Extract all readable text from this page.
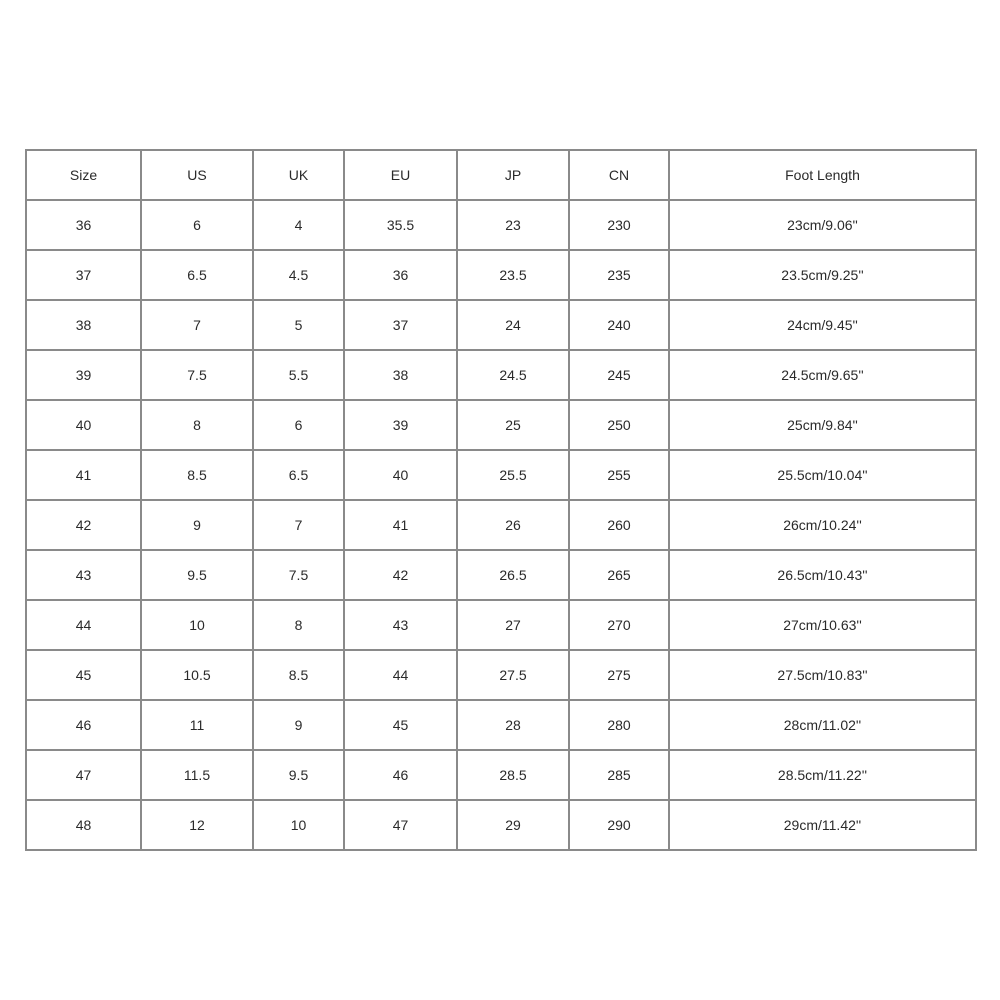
Size	US	UK	EU	JP	CN	Foot Length
36	6	4	35.5	23	230	23cm/9.06''
37	6.5	4.5	36	23.5	235	23.5cm/9.25''
38	7	5	37	24	240	24cm/9.45''
39	7.5	5.5	38	24.5	245	24.5cm/9.65''
40	8	6	39	25	250	25cm/9.84''
41	8.5	6.5	40	25.5	255	25.5cm/10.04''
42	9	7	41	26	260	26cm/10.24''
43	9.5	7.5	42	26.5	265	26.5cm/10.43''
44	10	8	43	27	270	27cm/10.63''
45	10.5	8.5	44	27.5	275	27.5cm/10.83''
46	11	9	45	28	280	28cm/11.02''
47	11.5	9.5	46	28.5	285	28.5cm/11.22''
48	12	10	47	29	290	29cm/11.42''
